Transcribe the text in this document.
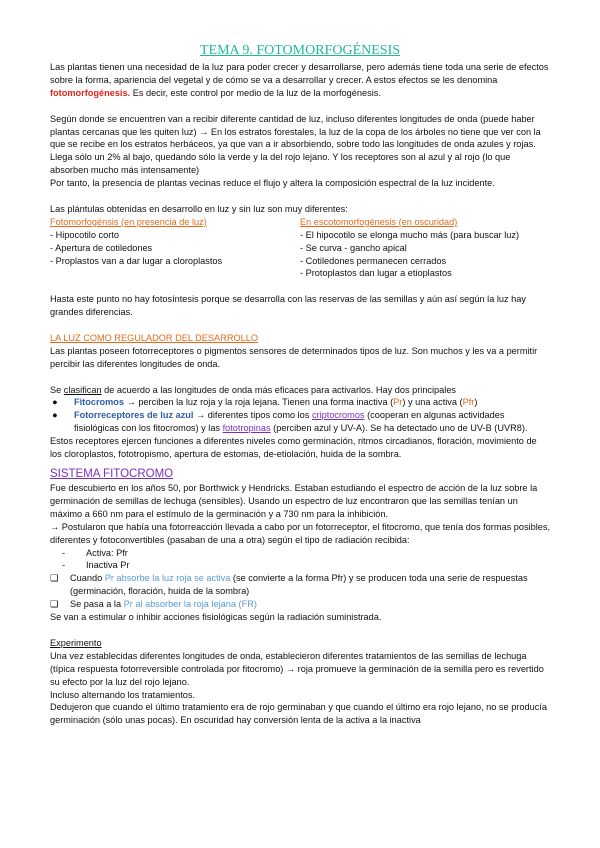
TEMA 9. FOTOMORFOGÉNESIS

Las plantas tienen una necesidad de la luz para poder crecer y desarrollarse, pero además tiene toda una serie de efectos sobre la forma, apariencia del vegetal y de cómo se va a desarrollar y crecer. A estos efectos se les denomina fotomorfogénesis. Es decir, este control por medio de la luz de la morfogénesis.

Según donde se encuentren van a recibir diferente cantidad de luz, incluso diferentes longitudes de onda (puede haber plantas cercanas que les quiten luz) → En los estratos forestales, la luz de la copa de los árboles no tiene que ver con la que se recibe en los estratos herbáceos, ya que van a ir absorbiendo, sobre todo las longitudes de onda azules y rojas. Llega sólo un 2% al bajo, quedando sólo la verde y la del rojo lejano. Y los receptores son al azul y al rojo (lo que absorben mucho más intensamente)

Por tanto, la presencia de plantas vecinas reduce el flujo y altera la composición espectral de la luz incidente.

Las plántulas obtenidas en desarrollo en luz y sin luz son muy diferentes:

Fotomorfogénsis (en presencia de luz)
- Hipocotilo corto
- Apertura de cotiledones
- Proplastos van a dar lugar a cloroplastos
En escotomorfogénesis (en oscuridad)
- El hipocotilo se elonga mucho más (para buscar luz)
- Se curva - gancho apical
- Cotiledones permanecen cerrados
- Protoplastos dan lugar a etioplastos

Hasta este punto no hay fotosíntesis porque se desarrolla con las reservas de las semillas y aún así según la luz hay grandes diferencias.

LA LUZ COMO REGULADOR DEL DESARROLLO

Las plantas poseen fotorreceptores o pigmentos sensores de determinados tipos de luz. Son muchos y les va a permitir percibir las diferentes longitudes de onda.

Se clasifican de acuerdo a las longitudes de onda más eficaces para activarlos. Hay dos principales

● Fitocromos → perciben la luz roja y la roja lejana. Tienen una forma inactiva (Pr) y una activa (Pfr)
● Fotorreceptores de luz azul → diferentes tipos como los criptocromos (cooperan en algunas actividades fisiológicas con los fitocromos) y las fototropinas (perciben azul y UV-A). Se ha detectado uno de UV-B (UVR8).

Estos receptores ejercen funciones a diferentes niveles como germinación, ritmos circadianos, floración, movimiento de los cloroplastos, fototropismo, apertura de estomas, de-etiolación, huida de la sombra.

SISTEMA FITOCROMO

Fue descubierto en los años 50, por Borthwick y Hendricks. Estaban estudiando el espectro de acción de la luz sobre la germinación de semillas de lechuga (sensibles). Usando un espectro de luz encontraron que las semillas tenían un máximo a 660 nm para el estímulo de la germinación y a 730 nm para la inhibición.

→ Postularon que había una fotorreacción llevada a cabo por un fotorreceptor, el fitocromo, que tenía dos formas posibles, diferentes y fotoconvertibles (pasaban de una a otra) según el tipo de radiación recibida:

- Activa: Pfr
- Inactiva Pr
❏ Cuando Pr absorbe la luz roja se activa (se convierte a la forma Pfr) y se producen toda una serie de respuestas (germinación, floración, huida de la sombra)
❏ Se pasa a la Pr al absorber la roja lejana (FR)

Se van a estimular o inhibir acciones fisiológicas según la radiación suministrada.

Experimento

Una vez establecidas diferentes longitudes de onda, establecieron diferentes tratamientos de las semillas de lechuga (típica respuesta fotorreversible controlada por fitocromo) → roja promueve la germinación de la semilla pero es revertido su efecto por la luz del rojo lejano.

Incluso alternando los tratamientos.

Dedujeron que cuando el último tratamiento era de rojo germinaban y que cuando el último era rojo lejano, no se producía germinación (sólo unas pocas). En oscuridad hay conversión lenta de la activa a la inactiva
